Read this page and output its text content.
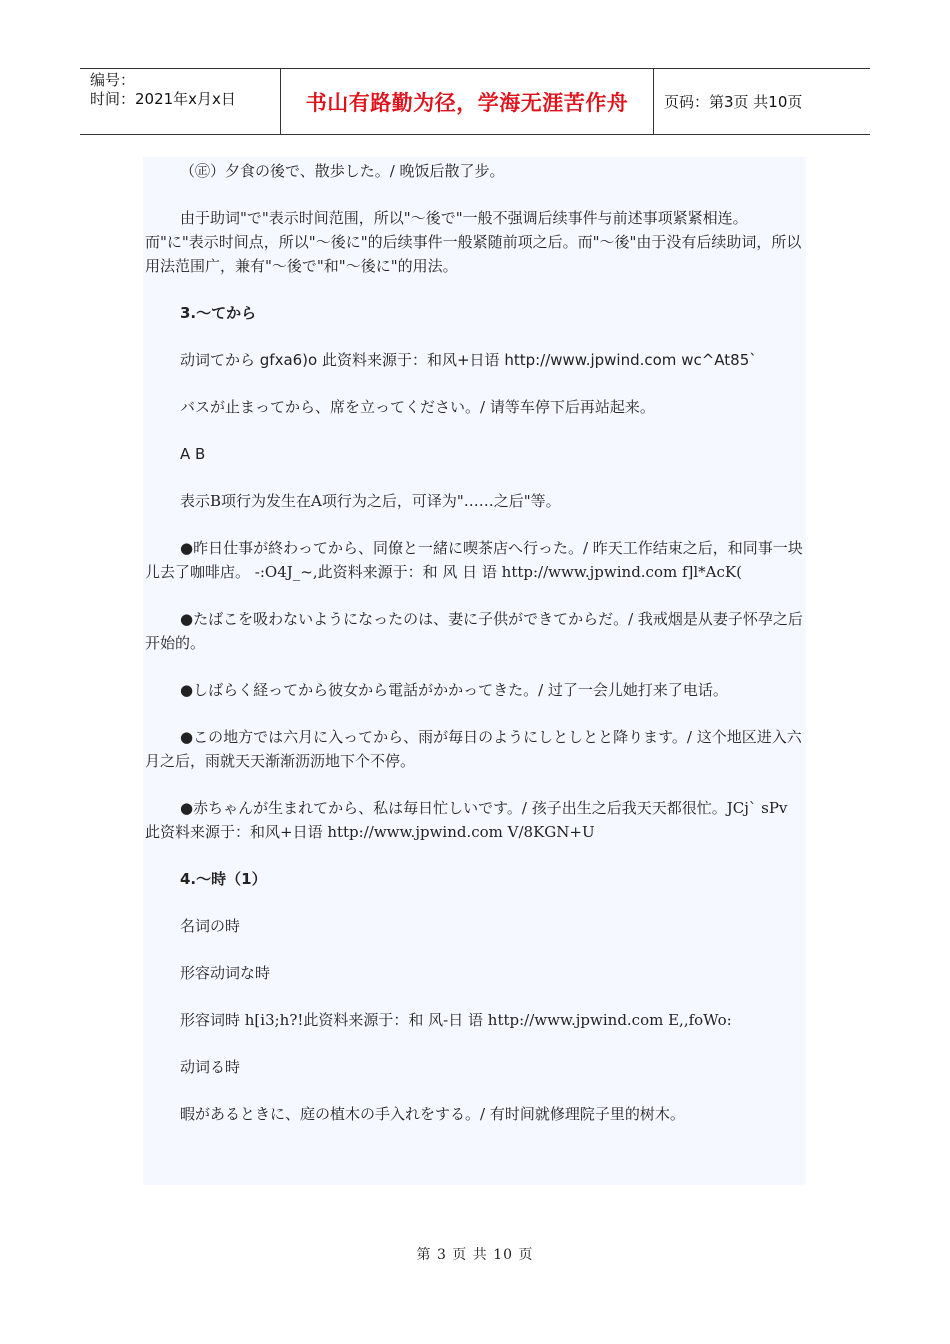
编号：
时间：2021年x月x日	书山有路勤为径，学海无涯苦作舟	页码：第3页 共10页

（㊣）夕食の後で、散歩した。/ 晚饭后散了步。

由于助词"で"表示时间范围，所以"～後で"一般不强调后续事件与前述事项紧紧相连。而"に"表示时间点，所以"～後に"的后续事件一般紧随前项之后。而"～後"由于没有后续助词，所以用法范围广，兼有"～後で"和"～後に"的用法。

3.～てから

动词てから gfxa6)o 此资料来源于：和风+日语 http://www.jpwind.com wc^At85`

バスが止まってから、席を立ってください。/ 请等车停下后再站起来。

A B

表示B项行为发生在A项行为之后，可译为"……之后"等。

●昨日仕事が終わってから、同僚と一緒に喫茶店へ行った。/ 昨天工作结束之后，和同事一块儿去了咖啡店。 -:O4J_~,此资料来源于：和 风 日 语 http://www.jpwind.com f]l*AcK(

●たばこを吸わないようになったのは、妻に子供ができてからだ。/ 我戒烟是从妻子怀孕之后开始的。

●しばらく経ってから彼女から電話がかかってきた。/ 过了一会儿她打来了电话。

●この地方では六月に入ってから、雨が毎日のようにしとしとと降ります。/ 这个地区进入六月之后，雨就天天渐渐沥沥地下个不停。

●赤ちゃんが生まれてから、私は毎日忙しいです。/ 孩子出生之后我天天都很忙。JCj` sPv 此资料来源于：和风+日语 http://www.jpwind.com V/8KGN+U

4.～時（1）

名词の時

形容动词な時

形容词時 h[i3;h?!此资料来源于：和 风-日 语 http://www.jpwind.com E,,foWo:

动词る時

暇があるときに、庭の植木の手入れをする。/ 有时间就修理院子里的树木。

第 3 页 共 10 页
